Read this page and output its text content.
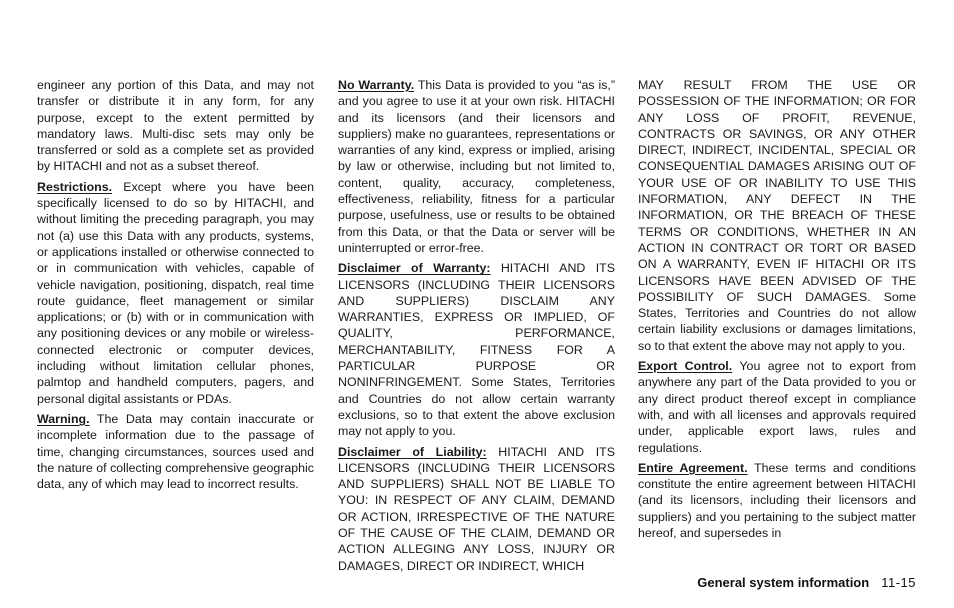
engineer any portion of this Data, and may not transfer or distribute it in any form, for any purpose, except to the extent permitted by mandatory laws. Multi-disc sets may only be transferred or sold as a complete set as provided by HITACHI and not as a subset thereof.

Restrictions. Except where you have been specifically licensed to do so by HITACHI, and without limiting the preceding paragraph, you may not (a) use this Data with any products, systems, or applications installed or otherwise connected to or in communication with vehicles, capable of vehicle navigation, positioning, dispatch, real time route guidance, fleet management or similar applications; or (b) with or in communication with any positioning devices or any mobile or wireless-connected electronic or computer devices, including without limitation cellular phones, palmtop and handheld computers, pagers, and personal digital assistants or PDAs.

Warning. The Data may contain inaccurate or incomplete information due to the passage of time, changing circumstances, sources used and the nature of collecting comprehensive geographic data, any of which may lead to incorrect results.

No Warranty. This Data is provided to you “as is,” and you agree to use it at your own risk. HITACHI and its licensors (and their licensors and suppliers) make no guarantees, representations or warranties of any kind, express or implied, arising by law or otherwise, including but not limited to, content, quality, accuracy, completeness, effectiveness, reliability, fitness for a particular purpose, usefulness, use or results to be obtained from this Data, or that the Data or server will be uninterrupted or error-free.

Disclaimer of Warranty: HITACHI AND ITS LICENSORS (INCLUDING THEIR LICENSORS AND SUPPLIERS) DISCLAIM ANY WARRANTIES, EXPRESS OR IMPLIED, OF QUALITY, PERFORMANCE, MERCHANTABILITY, FITNESS FOR A PARTICULAR PURPOSE OR NONINFRINGEMENT. Some States, Territories and Countries do not allow certain warranty exclusions, so to that extent the above exclusion may not apply to you.

Disclaimer of Liability: HITACHI AND ITS LICENSORS (INCLUDING THEIR LICENSORS AND SUPPLIERS) SHALL NOT BE LIABLE TO YOU: IN RESPECT OF ANY CLAIM, DEMAND OR ACTION, IRRESPECTIVE OF THE NATURE OF THE CAUSE OF THE CLAIM, DEMAND OR ACTION ALLEGING ANY LOSS, INJURY OR DAMAGES, DIRECT OR INDIRECT, WHICH

MAY RESULT FROM THE USE OR POSSESSION OF THE INFORMATION; OR FOR ANY LOSS OF PROFIT, REVENUE, CONTRACTS OR SAVINGS, OR ANY OTHER DIRECT, INDIRECT, INCIDENTAL, SPECIAL OR CONSEQUENTIAL DAMAGES ARISING OUT OF YOUR USE OF OR INABILITY TO USE THIS INFORMATION, ANY DEFECT IN THE INFORMATION, OR THE BREACH OF THESE TERMS OR CONDITIONS, WHETHER IN AN ACTION IN CONTRACT OR TORT OR BASED ON A WARRANTY, EVEN IF HITACHI OR ITS LICENSORS HAVE BEEN ADVISED OF THE POSSIBILITY OF SUCH DAMAGES. Some States, Territories and Countries do not allow certain liability exclusions or damages limitations, so to that extent the above may not apply to you.

Export Control. You agree not to export from anywhere any part of the Data provided to you or any direct product thereof except in compliance with, and with all licenses and approvals required under, applicable export laws, rules and regulations.

Entire Agreement. These terms and conditions constitute the entire agreement between HITACHI (and its licensors, including their licensors and suppliers) and you pertaining to the subject matter hereof, and supersedes in

General system information 11-15
